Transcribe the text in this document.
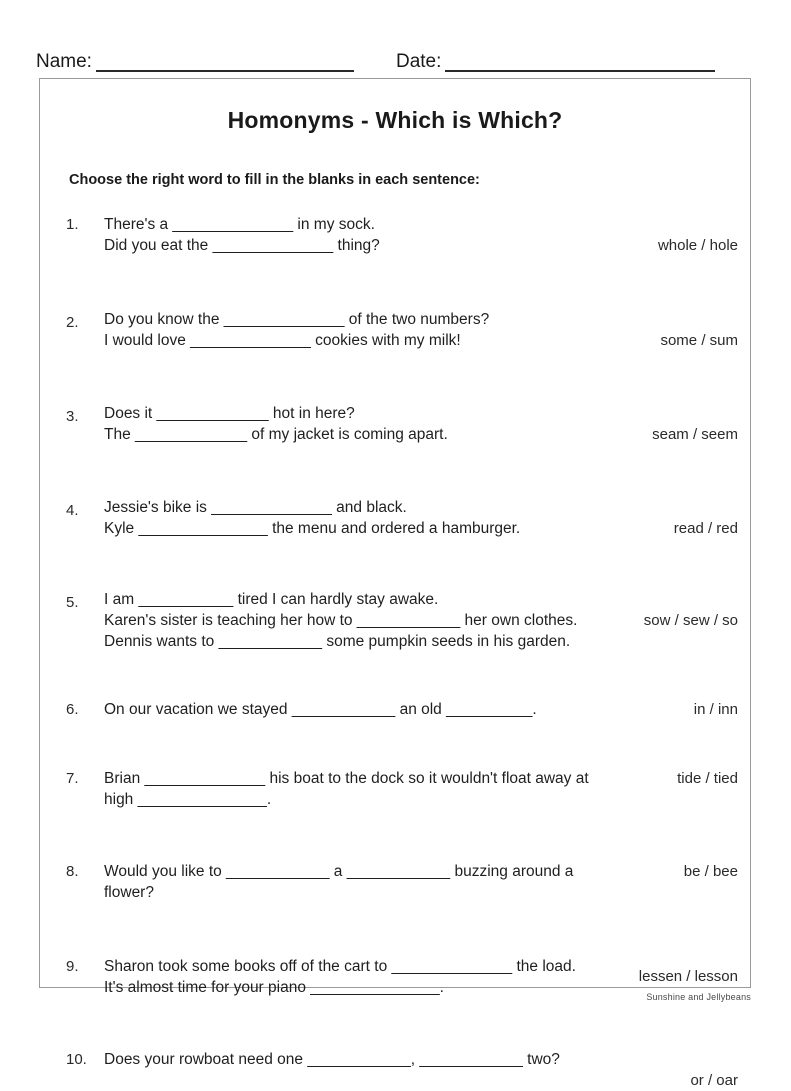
Name:	Date:
Homonyms - Which is Which?
Choose the right word to fill in the blanks in each sentence:
1.	There's a ______________ in my sock.
Did you eat the ______________ thing?	whole / hole
2.	Do you know the ______________ of the two numbers?
I would love ______________ cookies with my milk!	some / sum
3.	Does it _____________ hot in here?
The _____________ of my jacket is coming apart.	seam / seem
4.	Jessie's bike is ______________ and black.
Kyle _______________ the menu and ordered a hamburger.	read / red
5.	I am ___________ tired I can hardly stay awake.
Karen's sister is teaching her how to ____________ her own clothes.
Dennis wants to ____________ some pumpkin seeds in his garden.
sow / sew / so
6.	On our vacation we stayed ____________ an old __________.	in / inn
7.	Brian ______________ his boat to the dock so it wouldn't float away at
high _______________.
tide / tied
8.	Would you like to ____________ a ____________ buzzing around a
flower?
be / bee
9.	Sharon took some books off of the cart to ______________ the load.
It's almost time for your piano _______________.
lessen / lesson
10.	Does your rowboat need one ____________, ____________ two?
or / oar
Sunshine and Jellybeans
